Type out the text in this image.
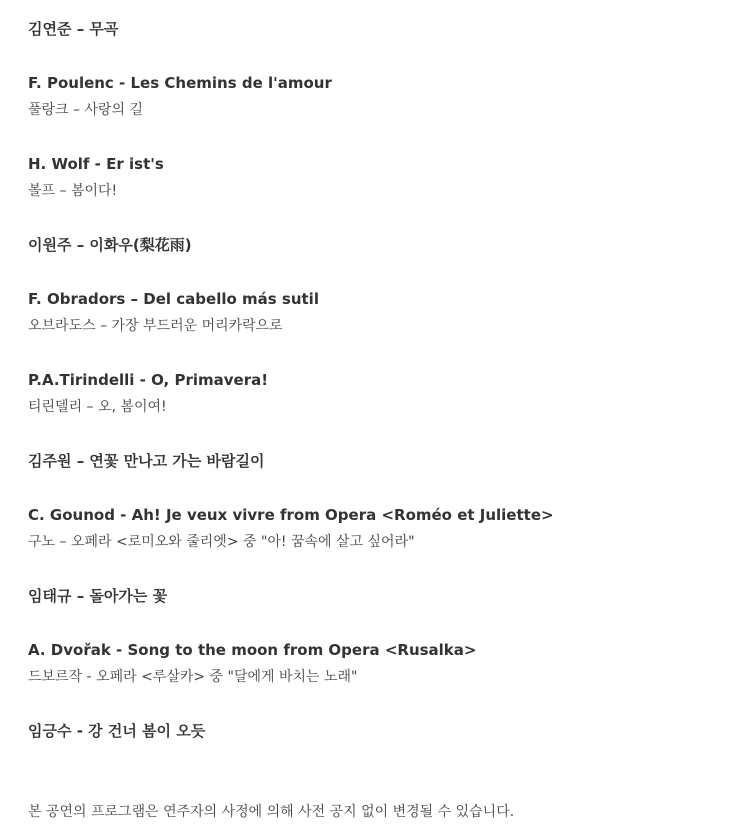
김연준 – 무곡
F. Poulenc - Les Chemins de l'amour
풀랑크 – 사랑의 길
H. Wolf - Er ist's
볼프 – 봄이다!
이원주 – 이화우(梨花雨)
F. Obradors – Del cabello más sutil
오브라도스 – 가장 부드러운 머리카락으로
P.A.Tirindelli - O, Primavera!
티린델리 – 오, 봄이여!
김주원 – 연꽃 만나고 가는 바람길이
C. Gounod - Ah! Je veux vivre from Opera <Roméo et Juliette>
구노 – 오페라 <로미오와 줄리엣> 중 "아! 꿈속에 살고 싶어라"
임태규 – 돌아가는 꽃
A. Dvořak - Song to the moon from Opera <Rusalka>
드보르작 - 오페라 <루살카> 중 "달에게 바치는 노래"
임긍수 - 강 건너 봄이 오듯
본 공연의 프로그램은 연주자의 사정에 의해 사전 공지 없이 변경될 수 있습니다.
